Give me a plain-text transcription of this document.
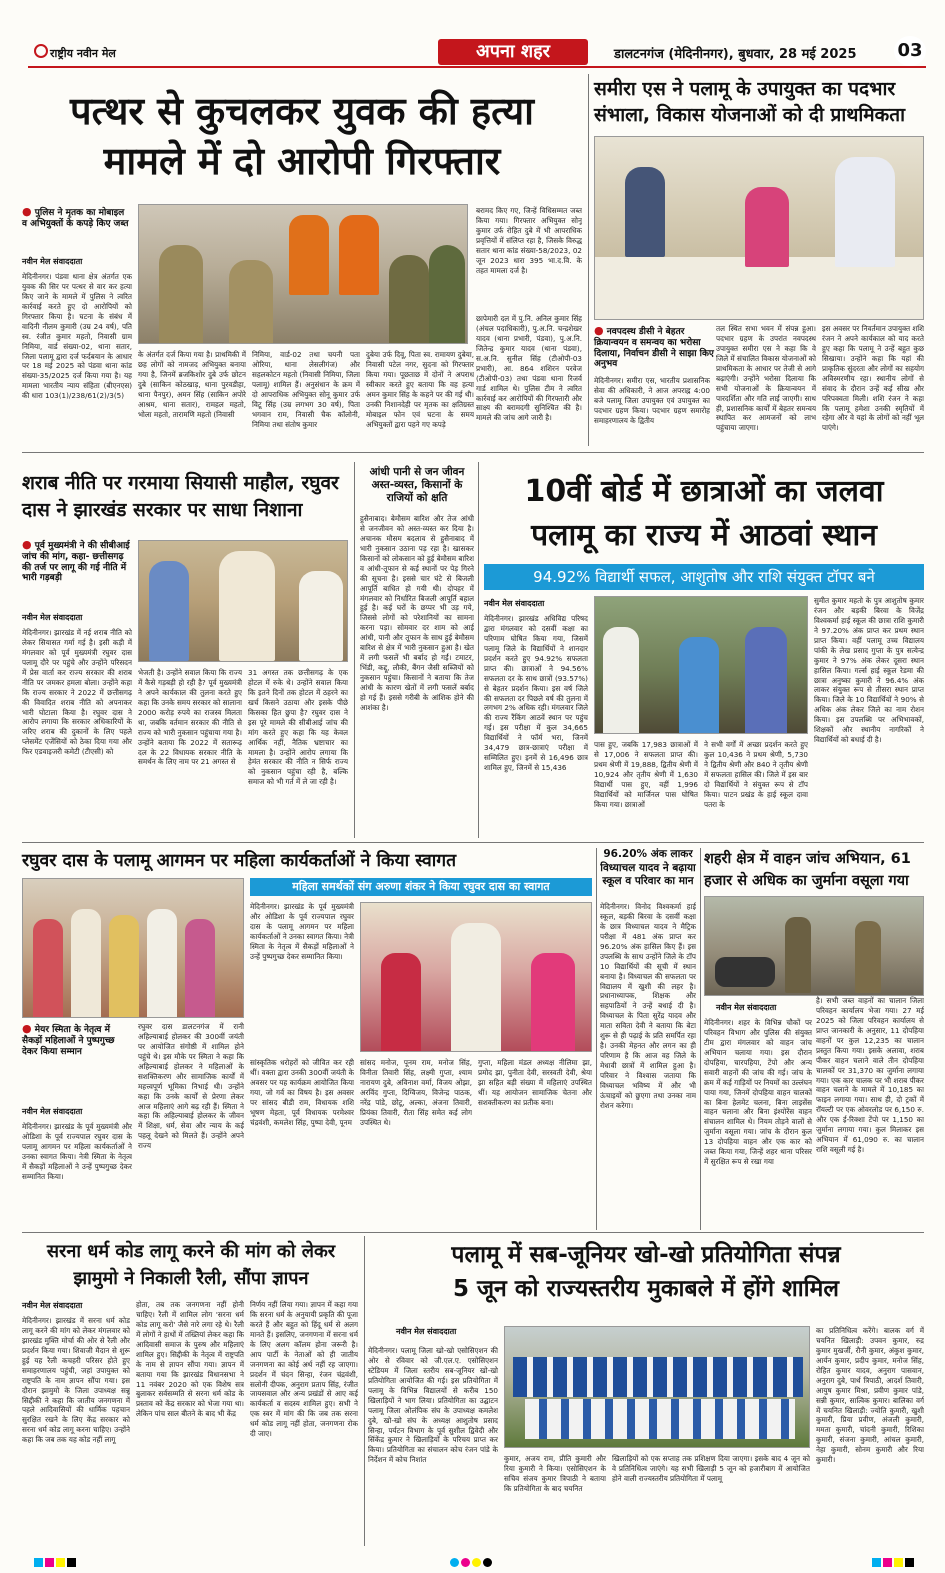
राष्ट्रीय नवीन मेल	अपना शहर	डालटनगंज (मेदिनीनगर), बुधवार, 28 मई 2025	03
पत्थर से कुचलकर युवक की हत्या
मामले में दो आरोपी गिरफ्तार
● पुलिस ने मृतक का मोबाइल व अभियुक्तों के कपड़े किए जब्त
नवीन मेल संवाददाता
मेदिनीनगर। पंडवा थाना क्षेत्र अंतर्गत एक युवक की सिर पर पत्थर से वार कर हत्या किए जाने के मामले में पुलिस ने त्वरित कार्रवाई करते हुए दो आरोपियों को गिरफ्तार किया है। घटना के संबंध में वादिनी नीलम कुमारी (उम्र 24 वर्ष), पति स्व. रंजीत कुमार महतो, निवासी ग्राम निमिया, वार्ड संख्या-02, थाना सतार, जिला पलामू द्वारा दर्ज फर्दबयान के आधार पर 18 मई 2025 को पंडवा थाना कांड संख्या-35/2025 दर्ज किया गया है। यह मामला भारतीय न्याय संहिता (बीएनएस) की धारा 103(1)/238/61(2)/3(5)
के अंतर्गत दर्ज किया गया है। प्राथमिकी में छह लोगों को नामजद अभियुक्त बनाया गया है, जिनमें ब्रजकिशोर दुबे उर्फ छोटन दुबे (साकिन कोठखाड़, थाना पुरवडीहा, थाना पैनपुर), अमन सिंह (साकिन अपोरे आश्रम, थाना सतार), रामहल महतो, भोला महतो, तारामणि महतो (निवासी
निमिया, वार्ड-02 तथा चयनी पता ओरिया, थाना लेसलीगंज) और सहलकोटन महतो (निवासी निमिया, जिला पलामू) शामिल हैं। अनुसंधान के क्रम में दो आपराधिक अभियुक्त सोनू कुमार उर्फ विटू सिंह (उम्र लगभग 30 वर्ष), पिता भगवान राम, निवासी चैक कॉलोनी, निमिया तथा संतोष कुमार
दुबेया उर्फ दिवू, पिता स्व. रामायण दुबेया, निवासी पटेल नगर, सुदना को गिरफ्तार किया गया। पूछताछ में दोनों ने अपराध स्वीकार करते हुए बताया कि वह हत्या अमन कुमार सिंह के कहने पर की गई थी। उनकी निशानदेही पर मृतक का क्षतिग्रस्त मोबाइल फोन एवं घटना के समय अभियुक्तों द्वारा पहने गए कपड़े
बरामद किए गए, जिन्हें विधिसम्मत जब्त किया गया। गिरफ्तार अभियुक्त सोनू कुमार उर्फ रोहित दुबे में भी आपराधिक प्रवृत्तियों में संलिप्त रहा है, जिसके विरुद्ध सतार थाना कांड संख्या-58/2023, 02 जून 2023 धारा 395 भा.द.वि. के तहत मामला दर्ज है।
छापेमारी दल में पु.नि. अनिल कुमार सिंह (अंचल पदाधिकारी), पु.अ.नि. चन्द्रशेखर यादव (थाना प्रभारी, पंडवा), पु.अ.नि. जितेन्द्र कुमार यादव (थाना पंडवा), स.अ.नि. सुनील सिंह (टीओपी-03 प्रभारी), आ. 864 शशिरन परवेज (टीओपी-03) तथा पंडवा थाना रिजर्व गार्ड शामिल थे। पुलिस टीम ने त्वरित कार्रवाई कर आरोपियों की गिरफ्तारी और साक्ष्य की बरामदगी सुनिश्चित की है। मामले की जांच आगे जारी है।
समीरा एस ने पलामू के उपायुक्त का पदभार संभाला, विकास योजनाओं को दी प्राथमिकता
● नवपदस्थ डीसी ने बेहतर क्रियान्वयन व समन्वय का भरोसा दिलाया, निर्वाचन डीसी ने साझा किए अनुभव
मेदिनीनगर। समीरा एस, भारतीय प्रशासनिक सेवा की अधिकारी, ने आज अपराह्न 4:00 बजे पलामू जिला उपायुक्त एवं उपायुक्त का पदभार ग्रहण किया। पदभार ग्रहण समारोह समाहरणालय के द्वितीय
तल स्थित सभा भवन में संपन्न हुआ। पदभार ग्रहण के उपरांत नवपदस्थ उपायुक्त समीरा एस ने कहा कि वे जिले में संचालित विकास योजनाओं को प्राथमिकता के आधार पर तेजी से आगे बढ़ाएंगी। उन्होंने भरोसा दिलाया कि सभी योजनाओं के क्रियान्वयन में पारदर्शिता और गति लाई जाएगी। साथ ही, प्रशासनिक कार्यों में बेहतर समन्वय स्थापित कर आमजनों को लाभ पहुंचाया जाएगा।
इस अवसर पर निवर्तमान उपायुक्त शशि रंजन ने अपने कार्यकाल को याद करते हुए कहा कि पलामू ने उन्हें बहुत कुछ सिखाया। उन्होंने कहा कि यहां की प्राकृतिक सुंदरता और लोगों का सहयोग अविस्मरणीय रहा। स्थानीय लोगों से संवाद के दौरान उन्हें कई सीख और परिपक्वता मिली। शशि रंजन ने कहा कि पलामू हमेशा उनकी स्मृतियों में रहेगा और वे यहां के लोगों को नहीं भूल पाएंगे।
शराब नीति पर गरमाया सियासी माहौल, रघुवर दास ने झारखंड सरकार पर साधा निशाना
● पूर्व मुख्यमंत्री ने की सीबीआई जांच की मांग, कहा- छत्तीसगढ़ की तर्ज पर लागू की गई नीति में भारी गड़बड़ी
नवीन मेल संवाददाता
मेदिनीनगर। झारखंड में नई शराब नीति को लेकर सियासत गर्मा गई है। इसी कड़ी में मंगलवार को पूर्व मुख्यमंत्री रघुवर दास पलामू दौरे पर पहुंचे और उन्होंने परिसदन में प्रेस वार्ता कर राज्य सरकार की शराब नीति पर जमकर हमला बोला। उन्होंने कहा कि राज्य सरकार ने 2022 में छत्तीसगढ़ की विवादित शराब नीति को अपनाकर भारी घोटाला किया है। रघुवर दास ने आरोप लगाया कि सरकार अधिकारियों के जरिए शराब की दुकानों के लिए पहले प्लेसमेंट एजेंसियों को ठेका दिया गया और फिर एडवाइजरी कमेटी (टीएसी) को
भेजती है। उन्होंने सवाल किया कि राज्य में कैसे गड़बड़ी हो रही है? पूर्व मुख्यमंत्री ने अपने कार्यकाल की तुलना करते हुए कहा कि उनके समय सरकार को सालाना 2000 करोड़ रुपये का राजस्व मिलता था, जबकि वर्तमान सरकार की नीति से राज्य को भारी नुकसान पहुंचाया गया है। उन्होंने बताया कि 2022 में सतारूढ़ दल के 22 विधायक सरकार नीति के समर्थन के लिए नाम पर 21 अगस्त से
31 अगस्त तक छत्तीसगढ़ के एक होटल में रुके थे। उन्होंने सवाल किया कि इतने दिनों तक होटल में ठहरने का खर्च किसने उठाया और इसके पीछे किसका हित छुपा है? रघुवर दास ने इस पूरे मामले की सीबीआई जांच की मांग करते हुए कहा कि यह केवल आर्थिक नहीं, नैतिक भ्रष्टाचार का मामला है। उन्होंने आरोप लगाया कि हेमंत सरकार की नीति न सिर्फ राज्य को नुकसान पहुंचा रही है, बल्कि समाज को भी गर्त में ले जा रही है।
आंधी पानी से जन जीवन अस्त-व्यस्त, किसानों के राजियों को क्षति
हुसैनाबाद। बेमौसम बारिश और तेज आंधी से जनजीवन को अस्त-व्यस्त कर दिया है। अचानक मौसम बदलाव से हुसैनाबाद में भारी नुकसान उठाना पड़ रहा है। खासकर किसानों को लोकसान को हुई बेमौसम बारिश व आंधी-तूफान से कई स्थानों पर पेड़ गिरने की सूचना है। इससे चार घंटे से बिजली आपूर्ति बाधित हो गयी थी। दोपहर में मंगलवार को निर्धारित बिजली आपूर्ति बहाल हुई है। कई घरों के छप्पर भी उड़ गये, जिससे लोगों को परेशानियों का सामना करना पड़ा। सोमवार दर शाम को आई आंधी, पानी और तूफान के साथ हुई बेमौसम बारिश से क्षेत्र में भारी नुकसान हुआ है। खेत में लगी फसलें भी बर्बाद हो गईं। टमाटर, भिंडी, कद्दू, लौकी, बैंगन जैसी सब्जियों को नुकसान पहुंचा। किसानों ने बताया कि तेज आंधी के कारण खेतों में लगी फसलें बर्बाद हो गई हैं। इससे गरीबी के आंशिक होने की आशंका है।
10वीं बोर्ड में छात्राओं का जलवा
पलामू का राज्य में आठवां स्थान
94.92% विद्यार्थी सफल, आशुतोष और राशि संयुक्त टॉपर बने
नवीन मेल संवाददाता
मेदिनीनगर। झारखंड अधिविद्य परिषद द्वारा मंगलवार को दसवीं कक्षा का परिणाम घोषित किया गया, जिसमें पलामू जिले के विद्यार्थियों ने शानदार प्रदर्शन करते हुए 94.92% सफलता प्राप्त की। छात्राओं ने 94.56% सफलता दर के साथ छात्रों (93.57%) से बेहतर प्रदर्शन किया। इस वर्ष जिले की सफलता दर पिछले वर्ष की तुलना में लगभग 2% अधिक रही। मंगलवार जिले की राज्य रैंकिंग आठवें स्थान पर पहुंच गई। इस परीक्षा में कुल 34,665 विद्यार्थियों ने फॉर्म भरा, जिनमें 34,479 छात्र-छात्राएं परीक्षा में सम्मिलित हुए। इनमें से 16,496 छात्र शामिल हुए, जिनमें से 15,436
पास हुए, जबकि 17,983 छात्राओं में से 17,006 ने सफलता प्राप्त की। प्रथम श्रेणी में 19,888, द्वितीय श्रेणी में 10,924 और तृतीय श्रेणी में 1,630 विद्यार्थी पास हुए, वहीं 1,996 विद्यार्थियों को मार्जिनल पास घोषित किया गया। छात्राओं
ने सभी वर्गों में अच्छा प्रदर्शन करते हुए कुल 10,436 ने प्रथम श्रेणी, 5,730 ने द्वितीय श्रेणी और 840 ने तृतीय श्रेणी में सफलता हासिल की। जिले में इस बार दो विद्यार्थियों ने संयुक्त रूप से टॉप किया। पाटन प्रखंड के हाई स्कूल दावा पतरा के
सुमीत कुमार महतो के पुत्र आशुतोष कुमार रंजन और बड़की बिरवा के विजेंद्र विश्वकर्मा हाई स्कूल की छात्रा राशि कुमारी ने 97.20% अंक प्राप्त कर प्रथम स्थान प्राप्त किया। वहीं पलामू उच्च विद्यालय पांकी के लेख प्रसाद गुप्ता के पुत्र सत्येन्द्र कुमार ने 97% अंक लेकर दूसरा स्थान हासिल किया। गर्ल्स हाई स्कूल रेडमा की छात्रा अनुष्का कुमारी ने 96.4% अंक लाकर संयुक्त रूप से तीसरा स्थान प्राप्त किया। जिले के 10 विद्यार्थियों ने 90% से अधिक अंक लेकर जिले का नाम रोशन किया। इस उपलब्धि पर अभिभावकों, शिक्षकों और स्थानीय नागरिकों ने विद्यार्थियों को बधाई दी है।
रघुवर दास के पलामू आगमन पर महिला कार्यकर्ताओं ने किया स्वागत
● मेयर स्मिता के नेतृत्व में सैकड़ों महिलाओं ने पुष्पगुच्छ देकर किया सम्मान
नवीन मेल संवाददाता
मेदिनीनगर। झारखंड के पूर्व मुख्यमंत्री और ओडिशा के पूर्व राज्यपाल रघुवर दास के पलामू आगमन पर महिला कार्यकर्ताओं ने उनका स्वागत किया। नेत्री स्मिता के नेतृत्व में सैकड़ों महिलाओं ने उन्हें पुष्पगुच्छ देकर सम्मानित किया।
महिला समर्थकों संग अरुणा शंकर ने किया रघुवर दास का स्वागत
रघुवर दास डालटनगंज में रानी अहिल्याबाई होलकर की 300वीं जयंती पर आयोजित संगोष्ठी में शामिल होने पहुंचे थे। इस मौके पर स्मिता ने कहा कि अहिल्याबाई होलकर ने महिलाओं के सशक्तिकरण और सामाजिक कार्यों में महत्त्वपूर्ण भूमिका निभाई थी। उन्होंने कहा कि उनके कार्यों से प्रेरणा लेकर आज महिलाएं आगे बढ़ रही हैं। स्मिता ने कहा कि अहिल्याबाई होलकर के जीवन में शिक्षा, धर्म, सेवा और न्याय के कई पहलू देखने को मिलते हैं। उन्होंने अपने राज्य

मेदिनीनगर। झारखंड के पूर्व मुख्यमंत्री और ओडिशा के पूर्व राज्यपाल रघुवर दास के पलामू आगमन पर महिला कार्यकर्ताओं ने उनका स्वागत किया। नेत्री स्मिता के नेतृत्व में सैकड़ों महिलाओं ने उन्हें पुष्पगुच्छ देकर सम्मानित किया।

सांस्कृतिक धरोहरों को जीवित कर रही थीं। वक्ता द्वारा उनकी 300वीं जयंती के अवसर पर यह कार्यक्रम आयोजित किया गया, जो गर्व का विषय है। इस अवसर पर सांसद बीडी राम, विधायक शशि भूषण मेहता, पूर्व विधायक परमेश्वर चंद्रवंशी, कमलेश सिंह, पुष्पा देवी, पूनम
सांसद मनोज, पूनम राम, मनोज सिंह, विनीता तिवारी सिंह, लक्ष्मी गुप्ता, श्याम नारायण दुबे, अविनाश वर्मा, विजय ओझा, अरविंद गुप्ता, दिग्विजय, विजेन्द्र पाठक, नरेंद्र पांडे, छोटू, अल्का, अंजना तिवारी, प्रियंका तिवारी, रीता सिंह समेत कई लोग उपस्थित थे।
गुप्ता, महिला मंडल अध्यक्ष नीलिमा झा, प्रमोद झा, पुनीता देवी, सरस्वती देवी, श्रेया झा सहित बड़ी संख्या में महिलाएं उपस्थित थीं। यह आयोजन सामाजिक चेतना और सशक्तीकरण का प्रतीक बना।
96.20% अंक लाकर विध्याचल यादव ने बढ़ाया स्कूल व परिवार का मान
मेदिनीनगर। विनोद विश्वकर्मा हाई स्कूल, बड़की बिरवा के दसवीं कक्षा के छात्र विध्याचल यादव ने मैट्रिक परीक्षा में 481 अंक प्राप्त कर 96.20% अंक हासिल किए हैं। इस उपलब्धि के साथ उन्होंने जिले के टॉप 10 विद्यार्थियों की सूची में स्थान बनाया है। विध्याचल की सफलता पर विद्यालय में खुशी की लहर है। प्रधानाध्यापक, शिक्षक और सहपाठियों ने उन्हें बधाई दी है। विध्याचल के पिता सुरेंद्र यादव और माता सविता देवी ने बताया कि बेटा शुरू से ही पढ़ाई के प्रति समर्पित रहा है। उनकी मेहनत और लगन का ही परिणाम है कि आज वह जिले के मेधावी छात्रों में शामिल हुआ है। परिवार ने विश्वास जताया कि विध्याचल भविष्य में और भी ऊंचाइयों को छुएगा तथा उनका नाम रोशन करेगा।
शहरी क्षेत्र में वाहन जांच अभियान, 61 हजार से अधिक का जुर्माना वसूला गया
नवीन मेल संवाददाता
मेदिनीनगर। शहर के विभिन्न चौकों पर परिवहन विभाग और पुलिस की संयुक्त टीम द्वारा मंगलवार को वाहन जांच अभियान चलाया गया। इस दौरान दोपहिया, चारपहिया, टेंपो और अन्य सवारी वाहनों की जांच की गई। जांच के क्रम में कई गाड़ियों पर नियमों का उल्लंघन पाया गया, जिनमें दोपहिया वाहन चालकों का बिना हेलमेट चलना, बिना लाइसेंस वाहन चलाना और बिना इंश्योरेंस वाहन संचालन शामिल थे। नियम तोड़ने वालों से जुर्माना वसूला गया। जांच के दौरान कुल 13 दोपहिया वाहन और एक कार को जब्त किया गया, जिन्हें शहर थाना परिसर में सुरक्षित रूप से रखा गया
है। सभी जब्त वाहनों का चालान जिला परिवहन कार्यालय भेजा गया। 27 मई 2025 को जिला परिवहन कार्यालय से प्राप्त जानकारी के अनुसार, 11 दोपहिया वाहनों पर कुल 12,235 का चालान प्रस्तुत किया गया। इसके अलावा, शराब पीकर वाहन चलाने वाले तीन दोपहिया चालकों पर 31,370 का जुर्माना लगाया गया। एक कार चालक पर भी शराब पीकर वाहन चलाने के मामले में 10,185 का फाइन लगाया गया। साथ ही, दो ट्रकों में रॉयल्टी पर एक ओवरलोड पर 6,150 रु. और एक ई-रिक्शा टेंपो पर 1,150 का जुर्माना लगाया गया। कुल मिलाकर इस अभियान में 61,090 रु. का चालान राशि वसूली गई है।
सरना धर्म कोड लागू करने की मांग को लेकर झामुमो ने निकाली रैली, सौंपा ज्ञापन
नवीन मेल संवाददाता
मेदिनीनगर। झारखंड में सरना धर्म कोड लागू करने की मांग को लेकर मंगलवार को झारखंड मुक्ति मोर्चा की ओर से रैली और प्रदर्शन किया गया। शिवाजी मैदान से शुरू हुई यह रैली कचहरी परिसर होते हुए समाहरणालय पहुंची, जहां उपायुक्त को राष्ट्रपति के नाम ज्ञापन सौंपा गया। इस दौरान झामुमो के जिला उपाध्यक्ष सन्नू सिद्दीकी ने कहा कि जातीय जनगणना में पहले आदिवासियों की धार्मिक पहचान सुरक्षित रखने के लिए केंद्र सरकार को सरना धर्म कोड लागू करना चाहिए। उन्होंने कहा कि जब तक यह कोड नहीं लागू
होता, तब तक जनगणना नहीं होनी चाहिए। रैली में शामिल लोग 'सरना धर्म कोड लागू करो' जैसे नारे लगा रहे थे। रैली में लोगों ने हाथों में तख्तियां लेकर कहा कि आदिवासी समाज के पुरुष और महिलाएं शामिल हुए। सिद्दीकी के नेतृत्व में राष्ट्रपति के नाम से ज्ञापन सौंपा गया। ज्ञापन में बताया गया कि झारखंड विधानसभा ने 11 नवंबर 2020 को एक विशेष सत्र बुलाकर सर्वसम्मति से सरना धर्म कोड के प्रस्ताव को केंद्र सरकार को भेजा गया था। लेकिन पांच साल बीतने के बाद भी केंद्र
निर्णय नहीं लिया गया। ज्ञापन में कहा गया कि सरना धर्म के अनुयायी प्रकृति की पूजा करते हैं और बहुत को हिंदू धर्म से अलग मानते हैं। इसलिए, जनगणना में सरना धर्म के लिए अलग कॉलम होना जरूरी है। आप पार्टी के नेताओं को ही जातीय जनगणना का कोई अर्थ नहीं रह जाएगा। प्रदर्शन में चंदन सिन्हा, रंजन चंद्रवंशी, सलोनी दीपक, अनुराग प्रताप सिंह, रंजीत जायसवाल और अन्य प्रखंडों से आए कई कार्यकर्ता व सदस्य शामिल हुए। सभी ने एक स्वर में मांग की कि जब तक सरना धर्म कोड लागू नहीं होता, जनगणना रोक दी जाए।
पलामू में सब-जूनियर खो-खो प्रतियोगिता संपन्न
5 जून को राज्यस्तरीय मुकाबले में होंगे शामिल
नवीन मेल संवाददाता
मेदिनीनगर। पलामू जिला खो-खो एसोसिएशन की ओर से रविवार को जी.एल.ए. एसोसिएशन स्टेडियम में जिला स्तरीय सब-जूनियर खो-खो प्रतियोगिता आयोजित की गई। इस प्रतियोगिता में पलामू के विभिन्न विद्यालयों से करीब 150 खिलाड़ियों ने भाग लिया। प्रतियोगिता का उद्घाटन पलामू जिला ओलंपिक संघ के उपाध्यक्ष कमलेश दुबे, खो-खो संघ के अध्यक्ष आशुतोष प्रसाद सिन्हा, पर्यटन विभाग के पूर्व सुशील द्विवेदी और सिंकेंद्र कुमार ने खिलाड़ियों के परिचय प्राप्त कर किया। प्रतियोगिता का संचालन कोच रंजन पांडे के निर्देशन में कोच निशांत	कुमार, अजय राम, प्रीति कुमारी और रिया कुमारी ने किया। एसोसिएशन के सचिव संजय कुमार त्रिपाठी ने बताया कि प्रतियोगिता के बाद चयनित
खिलाड़ियों को एक सप्ताह तक प्रशिक्षण दिया जाएगा। इसके बाद 4 जून को वे प्रतिनिधित्व जाएंगे। यह सभी खिलाड़ी 5 जून को हजारीबाग में आयोजित होने वाली राज्यस्तरीय प्रतियोगिता में पलामू
का प्रतिनिधित्व करेंगे। बालक वर्ग में चयनित खिलाड़ी: उपवन कुमार, रुद्र कुमार मुखर्जी, रौनी कुमार, अंकुश कुमार, आर्यन कुमार, प्रदीप कुमार, मनोज सिंह, रोहित कुमार यादव, अनुराग पासवान, अनुराग दुबे, पार्थ त्रिपाठी, आदर्श तिवारी, आयुष कुमार मिश्रा, प्रवीण कुमार पांडे, सन्नी कुमार, सात्विक कुमार। बालिका वर्ग में चयनित खिलाड़ी: ज्योति कुमारी, खुशी कुमारी, प्रिया प्रवीण, अंजली कुमारी, ममता कुमारी, चांदनी कुमारी, रिशिका कुमारी, संजना कुमारी, आंचल कुमारी, नेहा कुमारी, सोनम कुमारी और रिया कुमारी।
